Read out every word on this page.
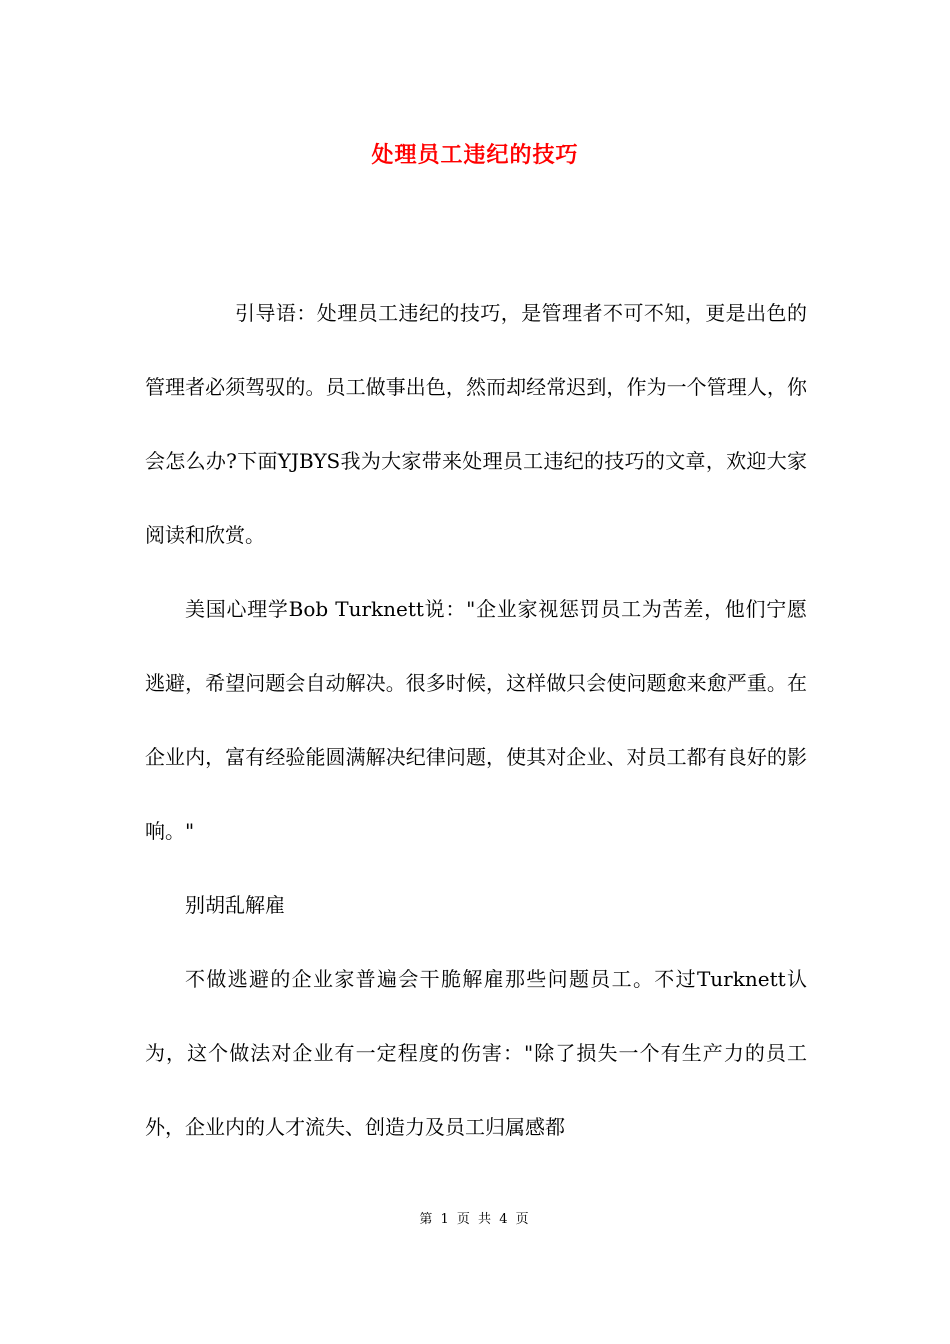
处理员工违纪的技巧

引导语：处理员工违纪的技巧，是管理者不可不知，更是出色的管理者必须驾驭的。员工做事出色，然而却经常迟到，作为一个管理人，你会怎么办?下面YJBYS我为大家带来处理员工违纪的技巧的文章，欢迎大家阅读和欣赏。

美国心理学Bob Turknett说："企业家视惩罚员工为苦差，他们宁愿逃避，希望问题会自动解决。很多时候，这样做只会使问题愈来愈严重。在企业内，富有经验能圆满解决纪律问题，使其对企业、对员工都有良好的影响。"

别胡乱解雇

不做逃避的企业家普遍会干脆解雇那些问题员工。不过Turknett认为，这个做法对企业有一定程度的伤害："除了损失一个有生产力的员工外，企业内的人才流失、创造力及员工归属感都

第 1 页 共 4 页
